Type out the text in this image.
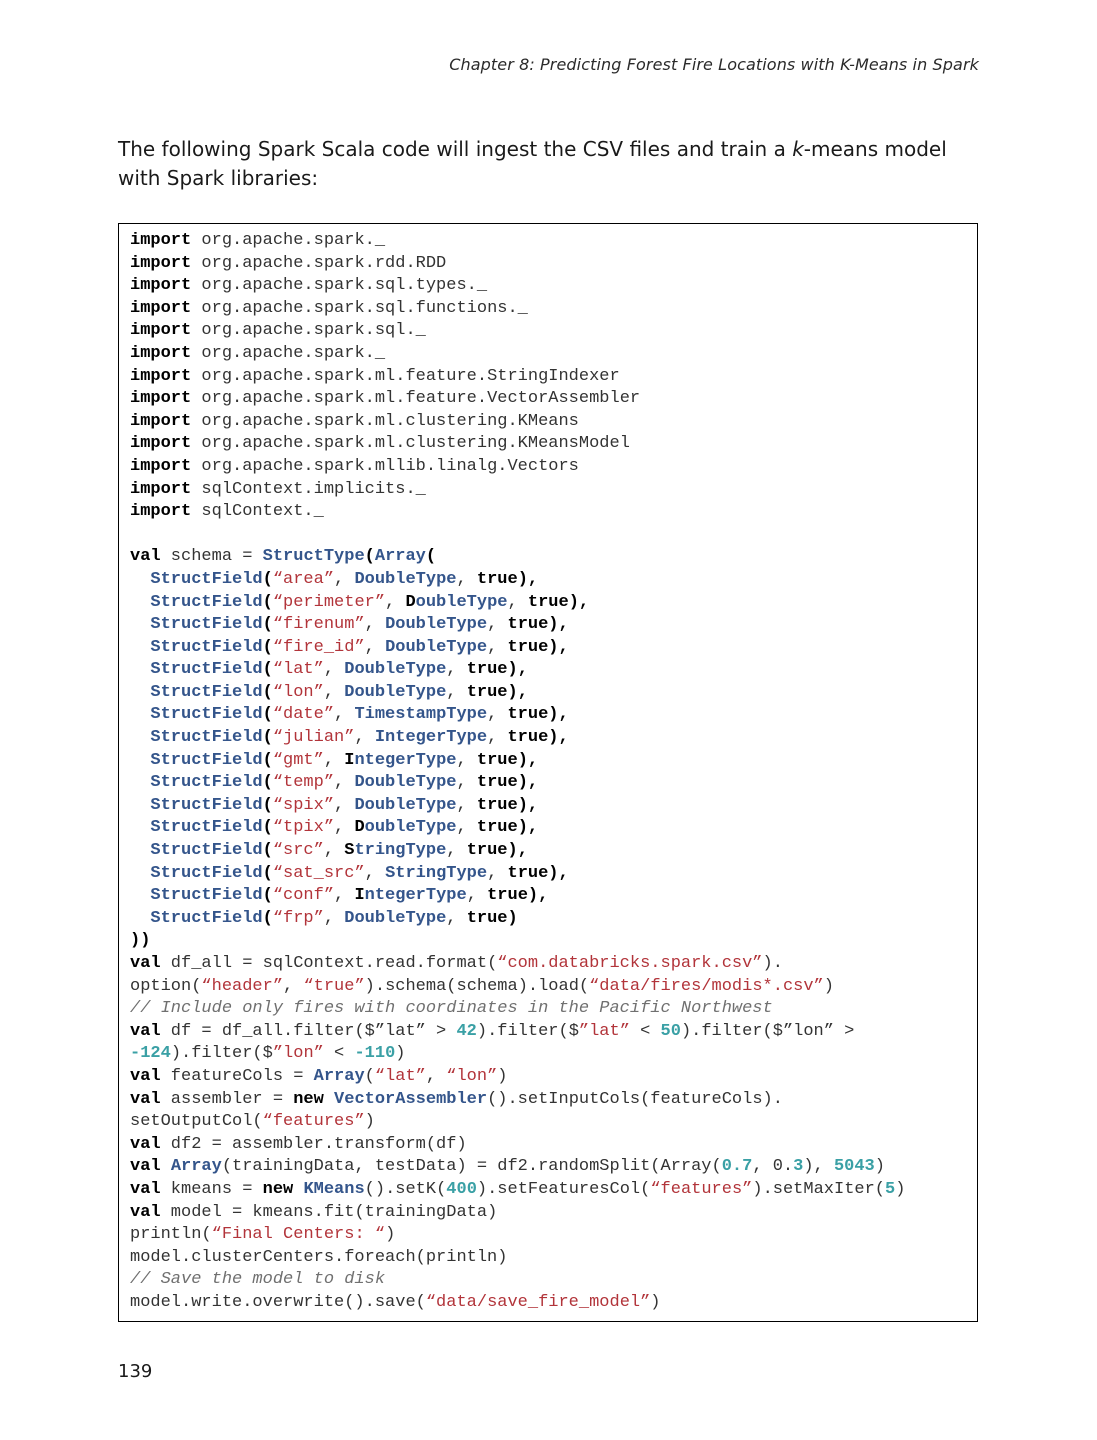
Chapter 8: Predicting Forest Fire Locations with K-Means in Spark
The following Spark Scala code will ingest the CSV files and train a k-means model with Spark libraries:
import org.apache.spark._
import org.apache.spark.rdd.RDD
import org.apache.spark.sql.types._
import org.apache.spark.sql.functions._
import org.apache.spark.sql._
import org.apache.spark._
import org.apache.spark.ml.feature.StringIndexer
import org.apache.spark.ml.feature.VectorAssembler
import org.apache.spark.ml.clustering.KMeans
import org.apache.spark.ml.clustering.KMeansModel
import org.apache.spark.mllib.linalg.Vectors
import sqlContext.implicits._
import sqlContext._

val schema = StructType(Array(
StructField(“area”, DoubleType, true),
StructField(“perimeter”, DoubleType, true),
StructField(“firenum”, DoubleType, true),
StructField(“fire_id”, DoubleType, true),
StructField(“lat”, DoubleType, true),
StructField(“lon”, DoubleType, true),
StructField(“date”, TimestampType, true),
StructField(“julian”, IntegerType, true),
StructField(“gmt”, IntegerType, true),
StructField(“temp”, DoubleType, true),
StructField(“spix”, DoubleType, true),
StructField(“tpix”, DoubleType, true),
StructField(“src”, StringType, true),
StructField(“sat_src”, StringType, true),
StructField(“conf”, IntegerType, true),
StructField(“frp”, DoubleType, true)
))
val df_all = sqlContext.read.format(“com.databricks.spark.csv”).
option(“header”, “true”).schema(schema).load(“data/fires/modis*.csv”)
// Include only fires with coordinates in the Pacific Northwest
val df = df_all.filter($”lat” > 42).filter($”lat” < 50).filter($”lon” >
-124).filter($”lon” < -110)
val featureCols = Array(“lat”, “lon”)
val assembler = new VectorAssembler().setInputCols(featureCols).
setOutputCol(“features”)
val df2 = assembler.transform(df)
val Array(trainingData, testData) = df2.randomSplit(Array(0.7, 0.3), 5043)
val kmeans = new KMeans().setK(400).setFeaturesCol(“features”).setMaxIter(5)
val model = kmeans.fit(trainingData)
println(“Final Centers: “)
model.clusterCenters.foreach(println)
// Save the model to disk
model.write.overwrite().save(“data/save_fire_model”)
139
